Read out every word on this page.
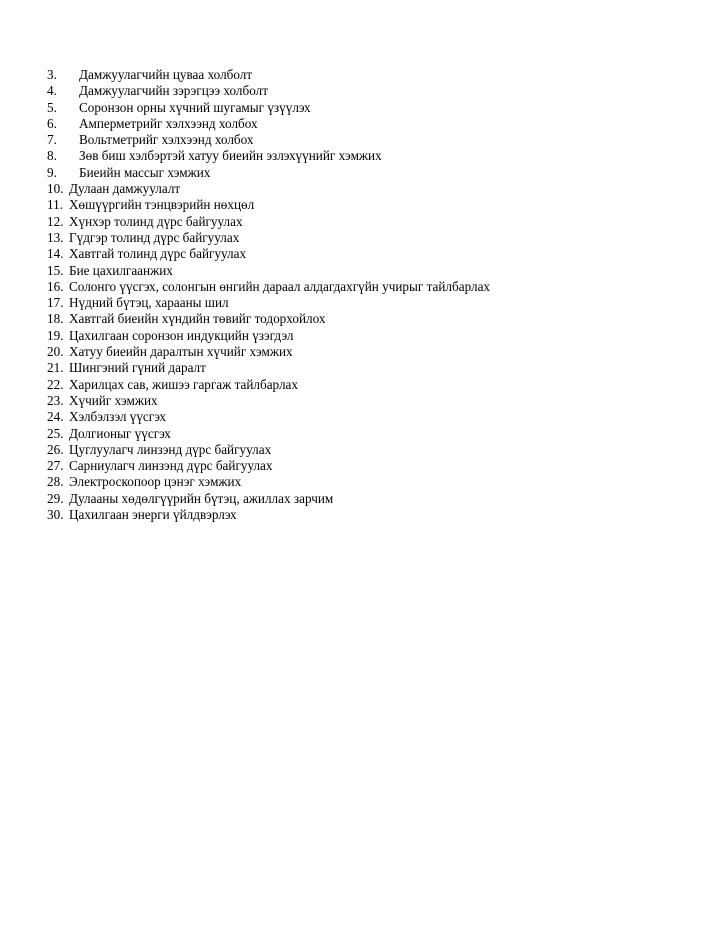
3.	Дамжуулагчийн цуваа холболт
4.	Дамжуулагчийн зэрэгцээ холболт
5.	Соронзон орны хүчний шугамыг үзүүлэх
6.	Амперметрийг хэлхээнд холбох
7.	Вольтметрийг хэлхээнд холбох
8.	Зөв биш хэлбэртэй хатуу биеийн эзлэхүүнийг хэмжих
9.	Биеийн массыг хэмжих
10. Дулаан дамжуулалт
11. Хөшүүргийн тэнцвэрийн нөхцөл
12. Хүнхэр толинд дүрс байгуулах
13. Гүдгэр толинд дүрс байгуулах
14. Хавтгай толинд дүрс байгуулах
15. Бие цахилгаанжих
16. Солонго үүсгэх, солонгын өнгийн дараал алдагдахгүйн учирыг тайлбарлах
17. Нүдний бүтэц, харааны шил
18. Хавтгай биеийн хүндийн төвийг тодорхойлох
19. Цахилгаан соронзон индукцийн үзэгдэл
20. Хатуу биеийн даралтын хүчийг хэмжих
21. Шингэний гүний даралт
22. Харилцах сав, жишээ гаргаж тайлбарлах
23. Хүчийг хэмжих
24. Хэлбэлзэл үүсгэх
25. Долгионыг үүсгэх
26. Цуглуулагч линзэнд дүрс байгуулах
27. Сарниулагч линзэнд дүрс байгуулах
28. Электроскопоор цэнэг хэмжих
29. Дулааны хөдөлгүүрийн бүтэц, ажиллах зарчим
30. Цахилгаан энерги үйлдвэрлэх
